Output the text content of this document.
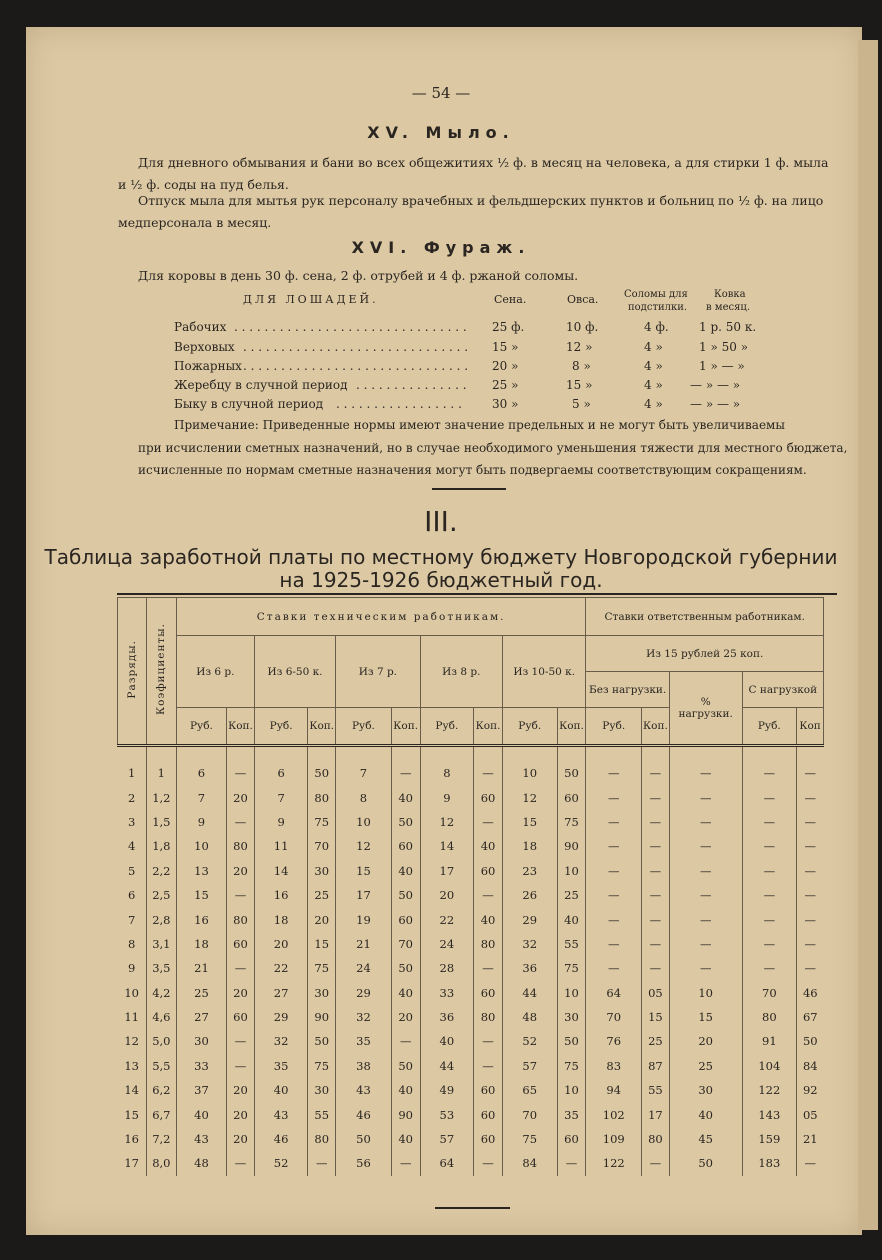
— 54 —
XV. Мыло.
Для дневного обмывания и бани во всех общежитиях ½ ф. в месяц на человека, а для стирки 1 ф. мыла
и ½ ф. соды на пуд белья.
Отпуск мыла для мытья рук персоналу врачебных и фельдшерских пунктов и больниц по ½ ф. на лицо
медперсонала в месяц.
XVI. Фураж.
Для коровы в день 30 ф. сена, 2 ф. отрубей и 4 ф. ржаной соломы.
ДЛЯ ЛОШАДЕЙ.	Сена.	Овса.	Соломы для
подстилки.
Ковка
в месяц.
Рабочих . . . . . . . . . . . . . . . . . . . . . . . . . . . . . . . 25 ф.	10 ф.	4 ф.	1 р. 50 к.
Верховых . . . . . . . . . . . . . . . . . . . . . . . . . . . . . . 15 »	12 »	4 »	1 » 50 »
Пожарных . . . . . . . . . . . . . . . . . . . . . . . . . . . . . . 20 »	8 »	4 »	1 » — »
Жеребцу в случной период . . . . . . . . . . . . . . . 25 »	15 »	4 » — » — »
Быку в случной период . . . . . . . . . . . . . . . . .	30 »	5 »	4 » — » — »
Примечание: Приведенные нормы имеют значение предельных и не могут быть увеличиваемы
при исчислении сметных назначений, но в случае необходимого уменьшения тяжести для местного бюджета,
исчисленные по нормам сметные назначения могут быть подвергаемы соответствующим сокращениям.
III.
Таблица заработной платы по местному бюджету Новгородской губернии
на 1925-1926 бюджетный год.
Разряды.	Коэфициенты.	Ставки техническим работникам.										Ставки ответственным работникам.				
		Из 6 р.		Из 6-50 к.		Из 7 р.		Из 8 р.		Из 10-50 к.		Из 15 рублей 25 коп.				
												Без нагрузки.		%
нагрузки.	С нагрузкой	
		Руб.	Коп.	Руб.	Коп.	Руб.	Коп.	Руб.	Коп.	Руб.	Коп.	Руб.	Коп.		Руб.	Коп

1	1	6	—	6	50	7	—	8	—	10	50	—	—	—	—	—
2	1,2	7	20	7	80	8	40	9	60	12	60	—	—	—	—	—
3	1,5	9	—	9	75	10	50	12	—	15	75	—	—	—	—	—
4	1,8	10	80	11	70	12	60	14	40	18	90	—	—	—	—	—
5	2,2	13	20	14	30	15	40	17	60	23	10	—	—	—	—	—
6	2,5	15	—	16	25	17	50	20	—	26	25	—	—	—	—	—
7	2,8	16	80	18	20	19	60	22	40	29	40	—	—	—	—	—
8	3,1	18	60	20	15	21	70	24	80	32	55	—	—	—	—	—
9	3,5	21	—	22	75	24	50	28	—	36	75	—	—	—	—	—
10	4,2	25	20	27	30	29	40	33	60	44	10	64	05	10	70	46
11	4,6	27	60	29	90	32	20	36	80	48	30	70	15	15	80	67
12	5,0	30	—	32	50	35	—	40	—	52	50	76	25	20	91	50
13	5,5	33	—	35	75	38	50	44	—	57	75	83	87	25	104	84
14	6,2	37	20	40	30	43	40	49	60	65	10	94	55	30	122	92
15	6,7	40	20	43	55	46	90	53	60	70	35	102	17	40	143	05
16	7,2	43	20	46	80	50	40	57	60	75	60	109	80	45	159	21
17	8,0	48	—	52	—	56	—	64	—	84	—	122	—	50	183	—
